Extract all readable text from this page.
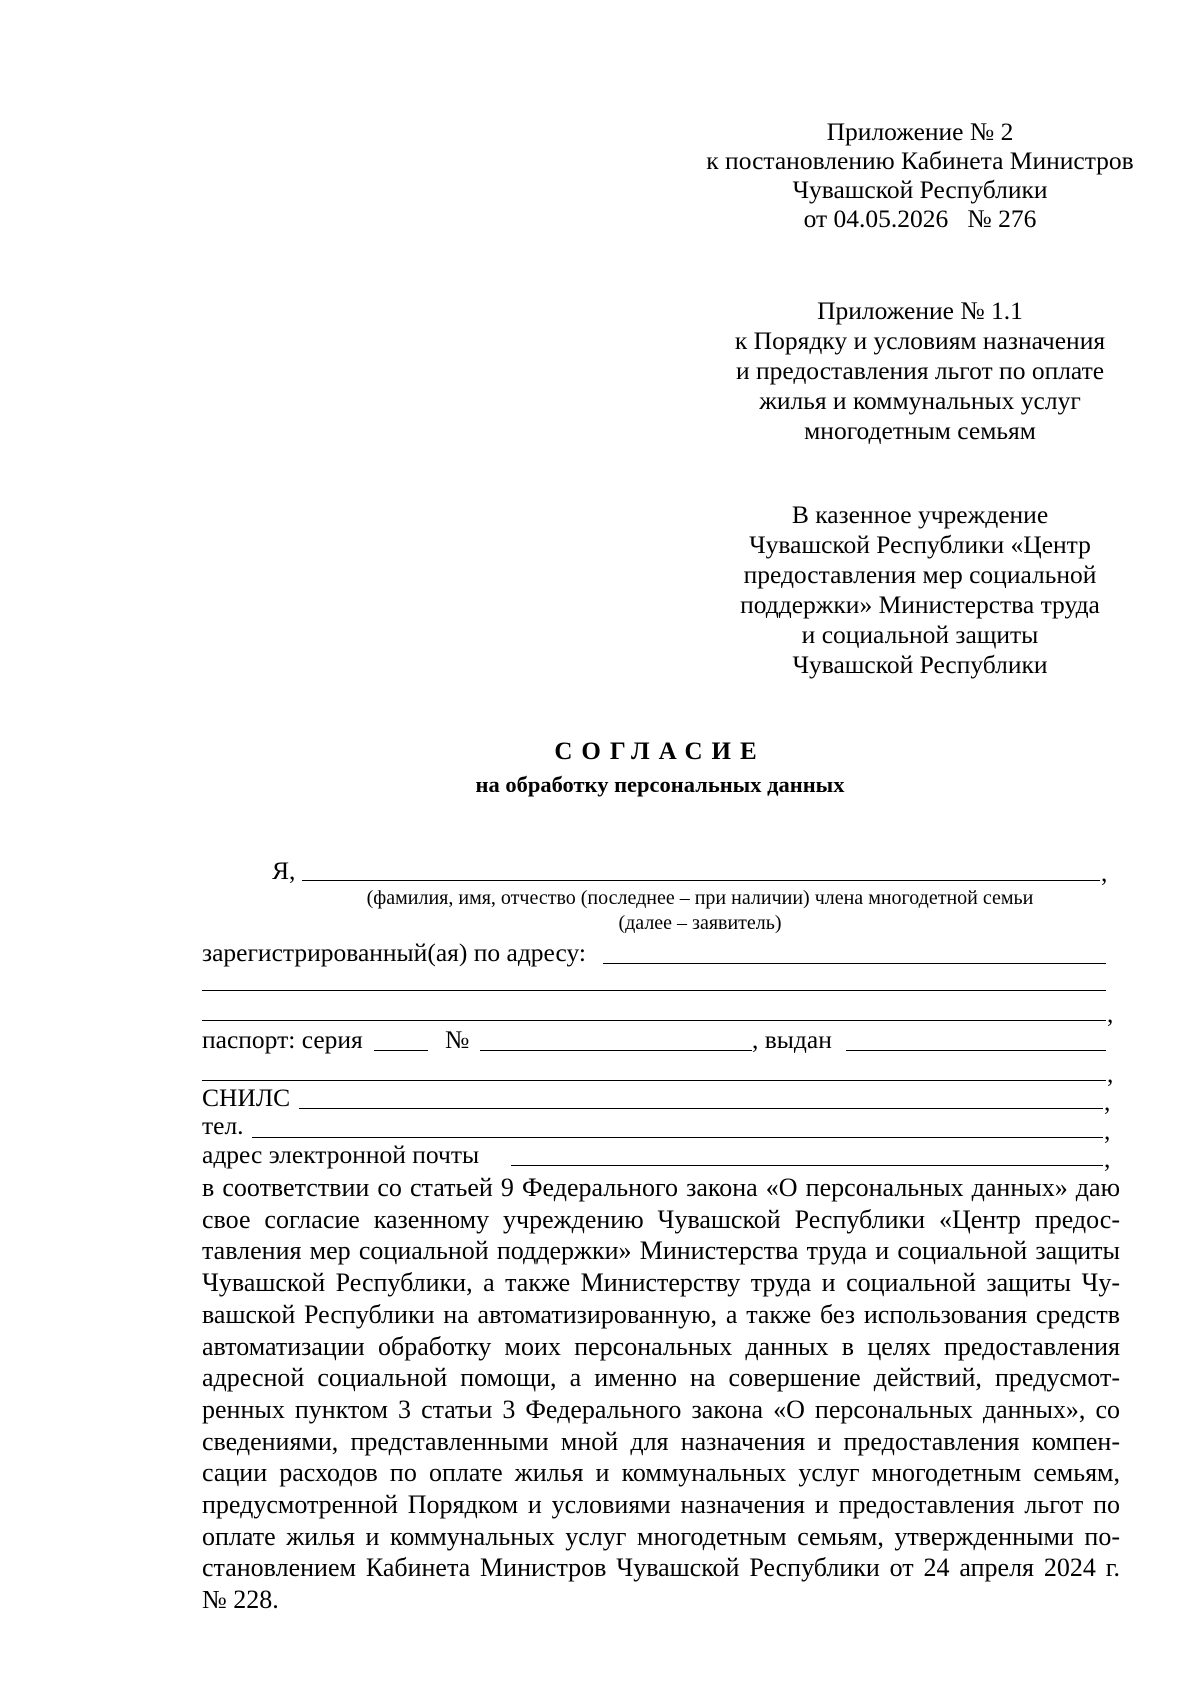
Приложение № 2
к постановлению Кабинета Министров
Чувашской Республики
от 04.05.2026   № 276
Приложение № 1.1
к Порядку и условиям назначения
и предоставления льгот по оплате
жилья и коммунальных услуг
многодетным семьям
В казенное учреждение
Чувашской Республики «Центр
предоставления мер социальной
поддержки» Министерства труда
и социальной защиты
Чувашской Республики
СОГЛАСИЕ
на обработку персональных данных
Я,	,
(фамилия, имя, отчество (последнее – при наличии) члена многодетной семьи
(далее – заявитель)
зарегистрированный(ая) по адресу:
,
паспорт: серия	№	, выдан
,
СНИЛС	,
тел.	,
адрес электронной почты	,
в соответствии со статьей 9 Федерального закона «О персональных данных» даю
свое согласие казенному учреждению Чувашской Республики «Центр предос-
тавления мер социальной поддержки» Министерства труда и социальной защиты
Чувашской Республики, а также Министерству труда и социальной защиты Чу-
вашской Республики на автоматизированную, а также без использования средств
автоматизации обработку моих персональных данных в целях предоставления
адресной социальной помощи, а именно на совершение действий, предусмот-
ренных пунктом 3 статьи 3 Федерального закона «О персональных данных», со
сведениями, представленными мной для назначения и предоставления компен-
сации расходов по оплате жилья и коммунальных услуг многодетным семьям,
предусмотренной Порядком и условиями назначения и предоставления льгот по
оплате жилья и коммунальных услуг многодетным семьям, утвержденными по-
становлением Кабинета Министров Чувашской Республики от 24 апреля 2024 г.
№ 228.
